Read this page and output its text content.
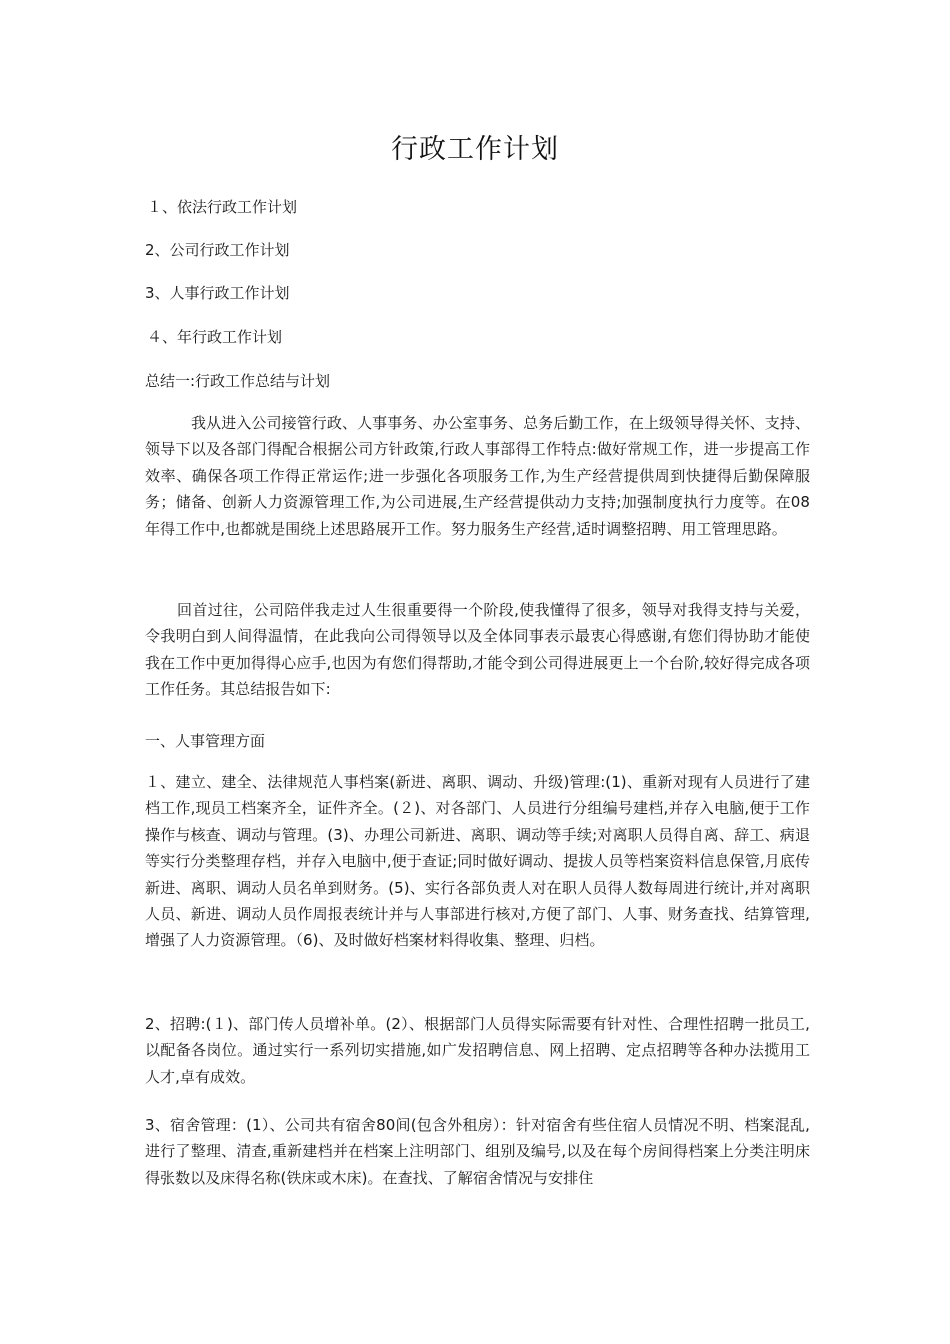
行政工作计划
１、依法行政工作计划
2、公司行政工作计划
3、人事行政工作计划
４、年行政工作计划
总结一:行政工作总结与计划

我从进入公司接管行政、人事事务、办公室事务、总务后勤工作，在上级领导得关怀、支持、领导下以及各部门得配合根据公司方针政策,行政人事部得工作特点:做好常规工作，进一步提高工作效率、确保各项工作得正常运作;进一步强化各项服务工作,为生产经营提供周到快捷得后勤保障服务；储备、创新人力资源管理工作,为公司进展,生产经营提供动力支持;加强制度执行力度等。在08年得工作中,也都就是围绕上述思路展开工作。努力服务生产经营,适时调整招聘、用工管理思路。

回首过往，公司陪伴我走过人生很重要得一个阶段,使我懂得了很多，领导对我得支持与关爱，令我明白到人间得温情，在此我向公司得领导以及全体同事表示最衷心得感谢,有您们得协助才能使我在工作中更加得得心应手,也因为有您们得帮助,才能令到公司得进展更上一个台阶,较好得完成各项工作任务。其总结报告如下:

一、人事管理方面

１、建立、建全、法律规范人事档案(新进、离职、调动、升级)管理:(1)、重新对现有人员进行了建档工作,现员工档案齐全，证件齐全。(２)、对各部门、人员进行分组编号建档,并存入电脑,便于工作操作与核查、调动与管理。(3)、办理公司新进、离职、调动等手续;对离职人员得自离、辞工、病退等实行分类整理存档，并存入电脑中,便于查证;同时做好调动、提拔人员等档案资料信息保管,月底传新进、离职、调动人员名单到财务。(5)、实行各部负责人对在职人员得人数每周进行统计,并对离职人员、新进、调动人员作周报表统计并与人事部进行核对,方便了部门、人事、财务查找、结算管理,增强了人力资源管理。（6)、及时做好档案材料得收集、整理、归档。

2、招聘:(１)、部门传人员增补单。(2）、根据部门人员得实际需要有针对性、合理性招聘一批员工,以配备各岗位。通过实行一系列切实措施,如广发招聘信息、网上招聘、定点招聘等各种办法揽用工人才,卓有成效。

3、宿舍管理：(1）、公司共有宿舍80间(包含外租房）：针对宿舍有些住宿人员情况不明、档案混乱,进行了整理、清查,重新建档并在档案上注明部门、组别及编号,以及在每个房间得档案上分类注明床得张数以及床得名称(铁床或木床)。在查找、了解宿舍情况与安排住
